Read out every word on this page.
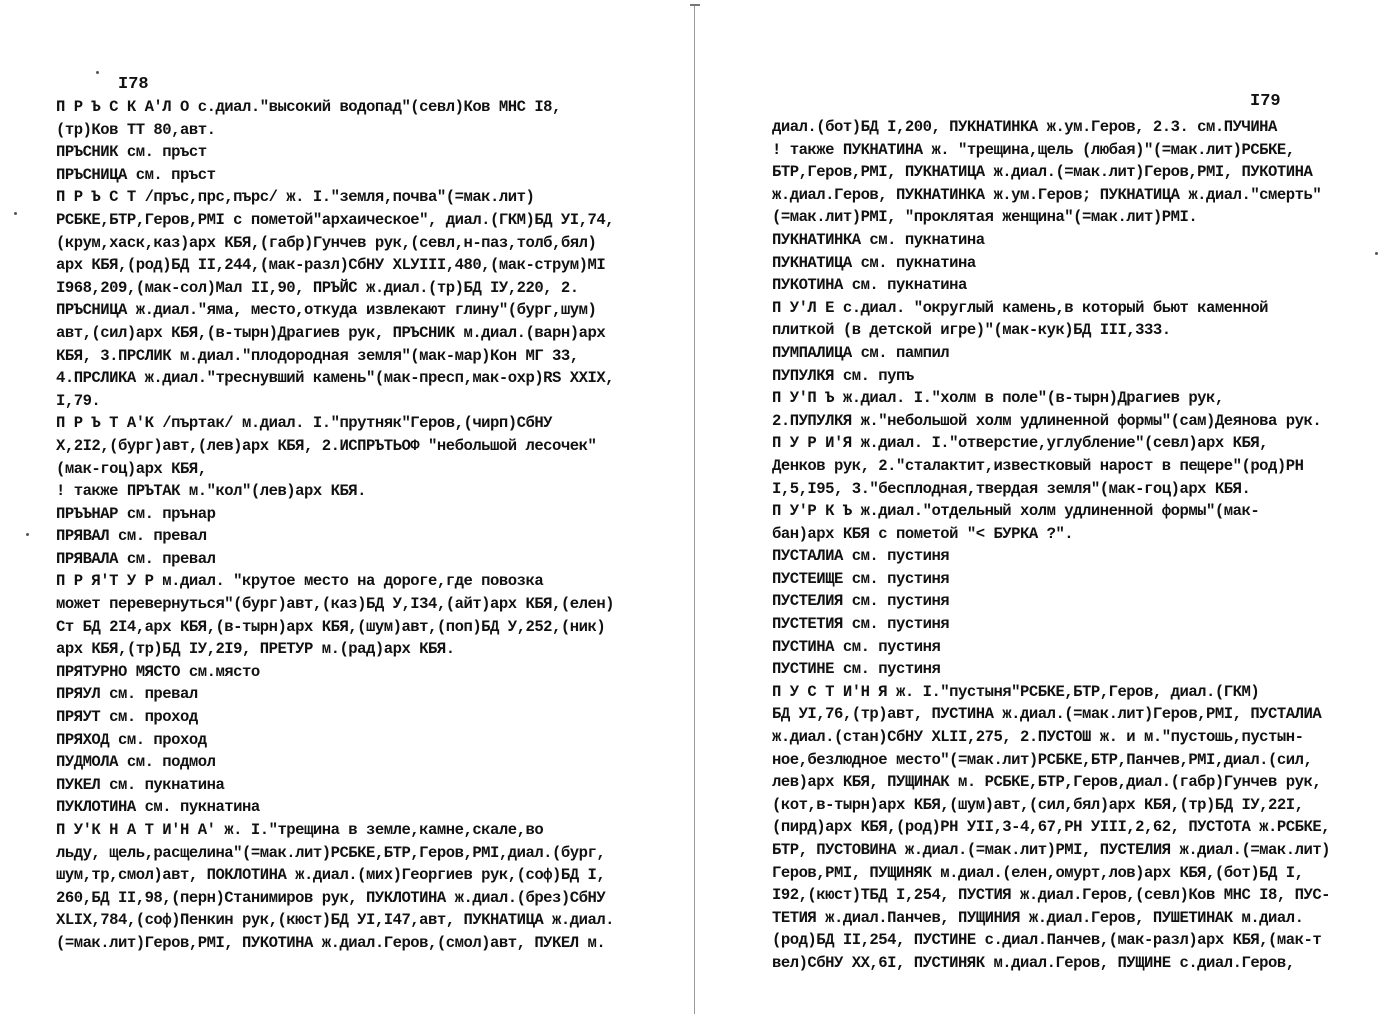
I78
П Р Ъ С К А'Л О с.диал."высокий водопад"(севл)Ков МНС I8,
(тр)Ков ТТ 80,авт.
ПРЪСНИК см. пръст
ПРЪСНИЦА см. пръст
П Р Ъ С Т /пръс,прс,пърс/ ж. I."земля,почва"(=мак.лит)
РСБКЕ,БТР,Геров,РМI с пометой"архаическое", диал.(ГКМ)БД УI,74,
(крум,хаск,каз)арх КБЯ,(габр)Гунчев рук,(севл,н-паз,толб,бял)
арх КБЯ,(род)БД II,244,(мак-разл)СбНУ ХLУIII,480,(мак-струм)МI
I968,209,(мак-сол)Мал II,90, ПРЪЙС ж.диал.(тр)БД IУ,220, 2.
ПРЪСНИЦА ж.диал."яма, место,откуда извлекают глину"(бург,шум)
авт,(сил)арх КБЯ,(в-тырн)Драгиев рук, ПРЪСНИК м.диал.(варн)арх
КБЯ, 3.ПРСЛИК м.диал."плодородная земля"(мак-мар)Кон МГ 33,
4.ПРСЛИКА ж.диал."треснувший камень"(мак-пресп,мак-охр)RS XXIX,
I,79.
П Р Ъ Т А'К /пъртак/ м.диал. I."прутняк"Геров,(чирп)СбНУ
Х,2I2,(бург)авт,(лев)арх КБЯ, 2.ИСПРЪТЬОФ "небольшой лесочек"
(мак-гоц)арх КБЯ,
! также ПРЪТАК м."кол"(лев)арх КБЯ.
ПРЪЪНАР см. прънар
ПРЯВАЛ см. превал
ПРЯВАЛА см. превал
П Р Я'Т У Р м.диал. "крутое место на дороге,где повозка
может перевернуться"(бург)авт,(каз)БД У,I34,(айт)арх КБЯ,(елен)
Ст БД 2I4,арх КБЯ,(в-тырн)арх КБЯ,(шум)авт,(поп)БД У,252,(ник)
арх КБЯ,(тр)БД IУ,2I9, ПРЕТУР м.(рад)арх КБЯ.
ПРЯТУРНО МЯСТО см.място
ПРЯУЛ см. превал
ПРЯУТ см. проход
ПРЯХОД см. проход
ПУДМОЛА см. подмол
ПУКЕЛ см. пукнатина
ПУКЛОТИНА см. пукнатина
П У'К Н А Т И'Н А' ж. I."трещина в земле,камне,скале,во
льду, щель,расщелина"(=мак.лит)РСБКЕ,БТР,Геров,РМI,диал.(бург,
шум,тр,смол)авт, ПОКЛОТИНА ж.диал.(мих)Георгиев рук,(соф)БД I,
260,БД II,98,(перн)Станимиров рук, ПУКЛОТИНА ж.диал.(брез)СбНУ
ХLIХ,784,(соф)Пенкин рук,(кюст)БД УI,I47,авт, ПУКНАТИЦА ж.диал.
(=мак.лит)Геров,РМI, ПУКОТИНА ж.диал.Геров,(смол)авт, ПУКЕЛ м.
I79
диал.(бот)БД I,200, ПУКНАТИНКА ж.ум.Геров, 2.3. см.ПУЧИНА
! также ПУКНАТИНА ж. "трещина,щель (любая)"(=мак.лит)РСБКЕ,
БТР,Геров,РМI, ПУКНАТИЦА ж.диал.(=мак.лит)Геров,РМI, ПУКОТИНА
ж.диал.Геров, ПУКНАТИНКА ж.ум.Геров; ПУКНАТИЦА ж.диал."смерть"
(=мак.лит)РМI, "проклятая женщина"(=мак.лит)РМI.
ПУКНАТИНКА см. пукнатина
ПУКНАТИЦА см. пукнатина
ПУКОТИНА см. пукнатина
П У'Л Е с.диал. "округлый камень,в который бьют каменной
плиткой (в детской игре)"(мак-кук)БД III,333.
ПУМПАЛИЦА см. пампил
ПУПУЛКЯ см. пупъ
П У'П Ъ ж.диал. I."холм в поле"(в-тырн)Драгиев рук,
2.ПУПУЛКЯ ж."небольшой холм удлиненной формы"(сам)Деянова рук.
П У Р И'Я ж.диал. I."отверстие,углубление"(севл)арх КБЯ,
Денков рук, 2."сталактит,известковый нарост в пещере"(род)РН
I,5,I95, 3."бесплодная,твердая земля"(мак-гоц)арх КБЯ.
П У'Р К Ъ ж.диал."отдельный холм удлиненной формы"(мак-
бан)арх КБЯ с пометой "< БУРКА ?".
ПУСТАЛИА см. пустиня
ПУСТЕИЩЕ см. пустиня
ПУСТЕЛИЯ см. пустиня
ПУСТЕТИЯ см. пустиня
ПУСТИНА см. пустиня
ПУСТИНЕ см. пустиня
П У С Т И'Н Я ж. I."пустыня"РСБКЕ,БТР,Геров, диал.(ГКМ)
БД УI,76,(тр)авт, ПУСТИНА ж.диал.(=мак.лит)Геров,РМI, ПУСТАЛИА
ж.диал.(стан)СбНУ ХLII,275, 2.ПУСТОШ ж. и м."пустошь,пустын-
ное,безлюдное место"(=мак.лит)РСБКЕ,БТР,Панчев,РМI,диал.(сил,
лев)арх КБЯ, ПУЩИНАК м. РСБКЕ,БТР,Геров,диал.(габр)Гунчев рук,
(кот,в-тырн)арх КБЯ,(шум)авт,(сил,бял)арх КБЯ,(тр)БД IУ,22I,
(пирд)арх КБЯ,(род)РН УII,3-4,67,РН УIII,2,62, ПУСТОТА ж.РСБКЕ,
БТР, ПУСТОВИНА ж.диал.(=мак.лит)РМI, ПУСТЕЛИЯ ж.диал.(=мак.лит)
Геров,РМI, ПУЩИНЯК м.диал.(елен,омурт,лов)арх КБЯ,(бот)БД I,
I92,(кюст)ТБД I,254, ПУСТИЯ ж.диал.Геров,(севл)Ков МНС I8, ПУС-
ТЕТИЯ ж.диал.Панчев, ПУЩИНИЯ ж.диал.Геров, ПУШЕТИНАК м.диал.
(род)БД II,254, ПУСТИНЕ с.диал.Панчев,(мак-разл)арх КБЯ,(мак-т
вел)СбНУ ХХ,6I, ПУСТИНЯК м.диал.Геров, ПУЩИНЕ с.диал.Геров,
